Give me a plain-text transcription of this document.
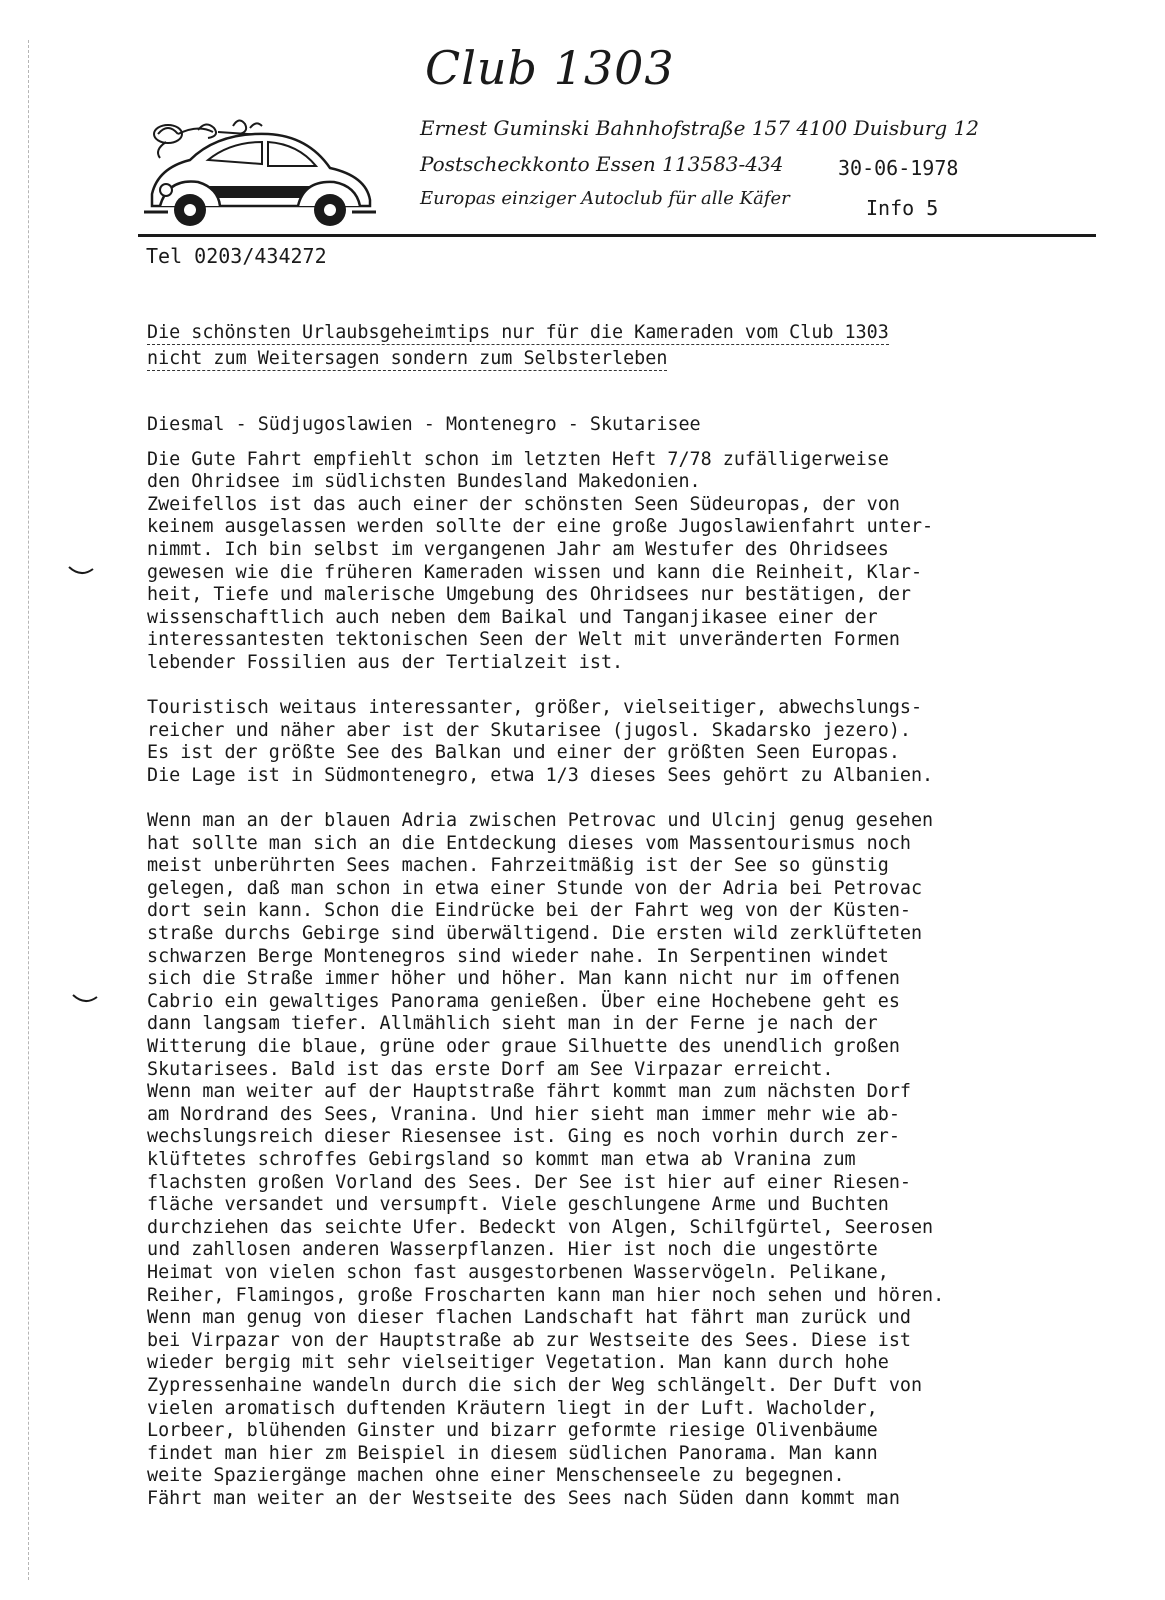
Club 1303
Ernest Guminski Bahnhofstraße 157 4100 Duisburg 12
Postscheckkonto Essen 113583-434	30-06-1978
Europas einziger Autoclub für alle Käfer	Info 5
Tel 0203/434272
Die schönsten Urlaubsgeheimtips nur für die Kameraden vom Club 1303
nicht zum Weitersagen sondern zum Selbsterleben
Diesmal - Südjugoslawien - Montenegro - Skutarisee
Die Gute Fahrt empfiehlt schon im letzten Heft 7/78 zufälligerweise
den Ohridsee im südlichsten Bundesland Makedonien.
Zweifellos ist das auch einer der schönsten Seen Südeuropas, der von
keinem ausgelassen werden sollte der eine große Jugoslawienfahrt unter-
nimmt. Ich bin selbst im vergangenen Jahr am Westufer des Ohridsees
gewesen wie die früheren Kameraden wissen und kann die Reinheit, Klar-
heit, Tiefe und malerische Umgebung des Ohridsees nur bestätigen, der
wissenschaftlich auch neben dem Baikal und Tanganjikasee einer der
interessantesten tektonischen Seen der Welt mit unveränderten Formen
lebender Fossilien aus der Tertialzeit ist.
Touristisch weitaus interessanter, größer, vielseitiger, abwechslungs-
reicher und näher aber ist der Skutarisee (jugosl. Skadarsko jezero).
Es ist der größte See des Balkan und einer der größten Seen Europas.
Die Lage ist in Südmontenegro, etwa 1/3 dieses Sees gehört zu Albanien.
Wenn man an der blauen Adria zwischen Petrovac und Ulcinj genug gesehen
hat sollte man sich an die Entdeckung dieses vom Massentourismus noch
meist unberührten Sees machen. Fahrzeitmäßig ist der See so günstig
gelegen, daß man schon in etwa einer Stunde von der Adria bei Petrovac
dort sein kann. Schon die Eindrücke bei der Fahrt weg von der Küsten-
straße durchs Gebirge sind überwältigend. Die ersten wild zerklüfteten
schwarzen Berge Montenegros sind wieder nahe. In Serpentinen windet
sich die Straße immer höher und höher. Man kann nicht nur im offenen
Cabrio ein gewaltiges Panorama genießen. Über eine Hochebene geht es
dann langsam tiefer. Allmählich sieht man in der Ferne je nach der
Witterung die blaue, grüne oder graue Silhuette des unendlich großen
Skutarisees. Bald ist das erste Dorf am See Virpazar erreicht.
Wenn man weiter auf der Hauptstraße fährt kommt man zum nächsten Dorf
am Nordrand des Sees, Vranina. Und hier sieht man immer mehr wie ab-
wechslungsreich dieser Riesensee ist. Ging es noch vorhin durch zer-
klüftetes schroffes Gebirgsland so kommt man etwa ab Vranina zum
flachsten großen Vorland des Sees. Der See ist hier auf einer Riesen-
fläche versandet und versumpft. Viele geschlungene Arme und Buchten
durchziehen das seichte Ufer. Bedeckt von Algen, Schilfgürtel, Seerosen
und zahllosen anderen Wasserpflanzen. Hier ist noch die ungestörte
Heimat von vielen schon fast ausgestorbenen Wasservögeln. Pelikane,
Reiher, Flamingos, große Froscharten kann man hier noch sehen und hören.
Wenn man genug von dieser flachen Landschaft hat fährt man zurück und
bei Virpazar von der Hauptstraße ab zur Westseite des Sees. Diese ist
wieder bergig mit sehr vielseitiger Vegetation. Man kann durch hohe
Zypressenhaine wandeln durch die sich der Weg schlängelt. Der Duft von
vielen aromatisch duftenden Kräutern liegt in der Luft. Wacholder,
Lorbeer, blühenden Ginster und bizarr geformte riesige Olivenbäume
findet man hier zm Beispiel in diesem südlichen Panorama. Man kann
weite Spaziergänge machen ohne einer Menschenseele zu begegnen.
Fährt man weiter an der Westseite des Sees nach Süden dann kommt man
